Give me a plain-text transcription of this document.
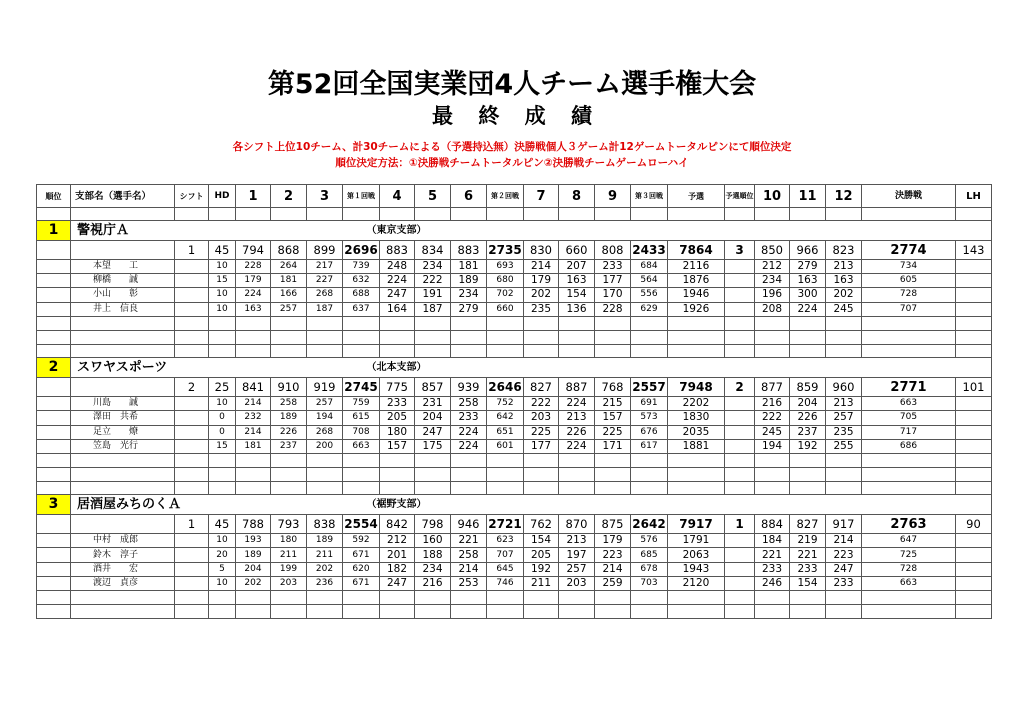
第52回全国実業団4人チーム選手権大会
最 終 成 績
各シフト上位10チーム、計30チームによる（予選持込無）決勝戦個人３ゲーム計12ゲームトータルピンにて順位決定
順位決定方法：①決勝戦チームトータルピン②決勝戦チームゲームローハイ
順位	支部名（選手名）	シフト	HD	1	2	3	第１回戦	4	5	6	第２回戦	7	8	9	第３回戦	予選	予選順位	10	11	12	決勝戦	LH

1	警視庁Ａ						（東京支部）															
		1	45	794	868	899	2696	883	834	883	2735	830	660	808	2433	7864	3	850	966	823	2774	143
	本望　　工		10	228	264	217	739	248	234	181	693	214	207	233	684	2116		212	279	213	734	
	柳橋　　誠		15	179	181	227	632	224	222	189	680	179	163	177	564	1876		234	163	163	605	
	小山　　彰		10	224	166	268	688	247	191	234	702	202	154	170	556	1946		196	300	202	728	
	井上　信良		10	163	257	187	637	164	187	279	660	235	136	228	629	1926		208	224	245	707	

2	スワヤスポーツ						（北本支部）															
		2	25	841	910	919	2745	775	857	939	2646	827	887	768	2557	7948	2	877	859	960	2771	101
	川島　　誠		10	214	258	257	759	233	231	258	752	222	224	215	691	2202		216	204	213	663	
	澤田　共希		0	232	189	194	615	205	204	233	642	203	213	157	573	1830		222	226	257	705	
	足立　　燎		0	214	226	268	708	180	247	224	651	225	226	225	676	2035		245	237	235	717	
	笠島　光行		15	181	237	200	663	157	175	224	601	177	224	171	617	1881		194	192	255	686	

3	居酒屋みちのくＡ						（裾野支部）															
		1	45	788	793	838	2554	842	798	946	2721	762	870	875	2642	7917	1	884	827	917	2763	90
	中村　成郎		10	193	180	189	592	212	160	221	623	154	213	179	576	1791		184	219	214	647	
	鈴木　淳子		20	189	211	211	671	201	188	258	707	205	197	223	685	2063		221	221	223	725	
	酒井　　宏		5	204	199	202	620	182	234	214	645	192	257	214	678	1943		233	233	247	728	
	渡辺　貞彦		10	202	203	236	671	247	216	253	746	211	203	259	703	2120		246	154	233	663	
